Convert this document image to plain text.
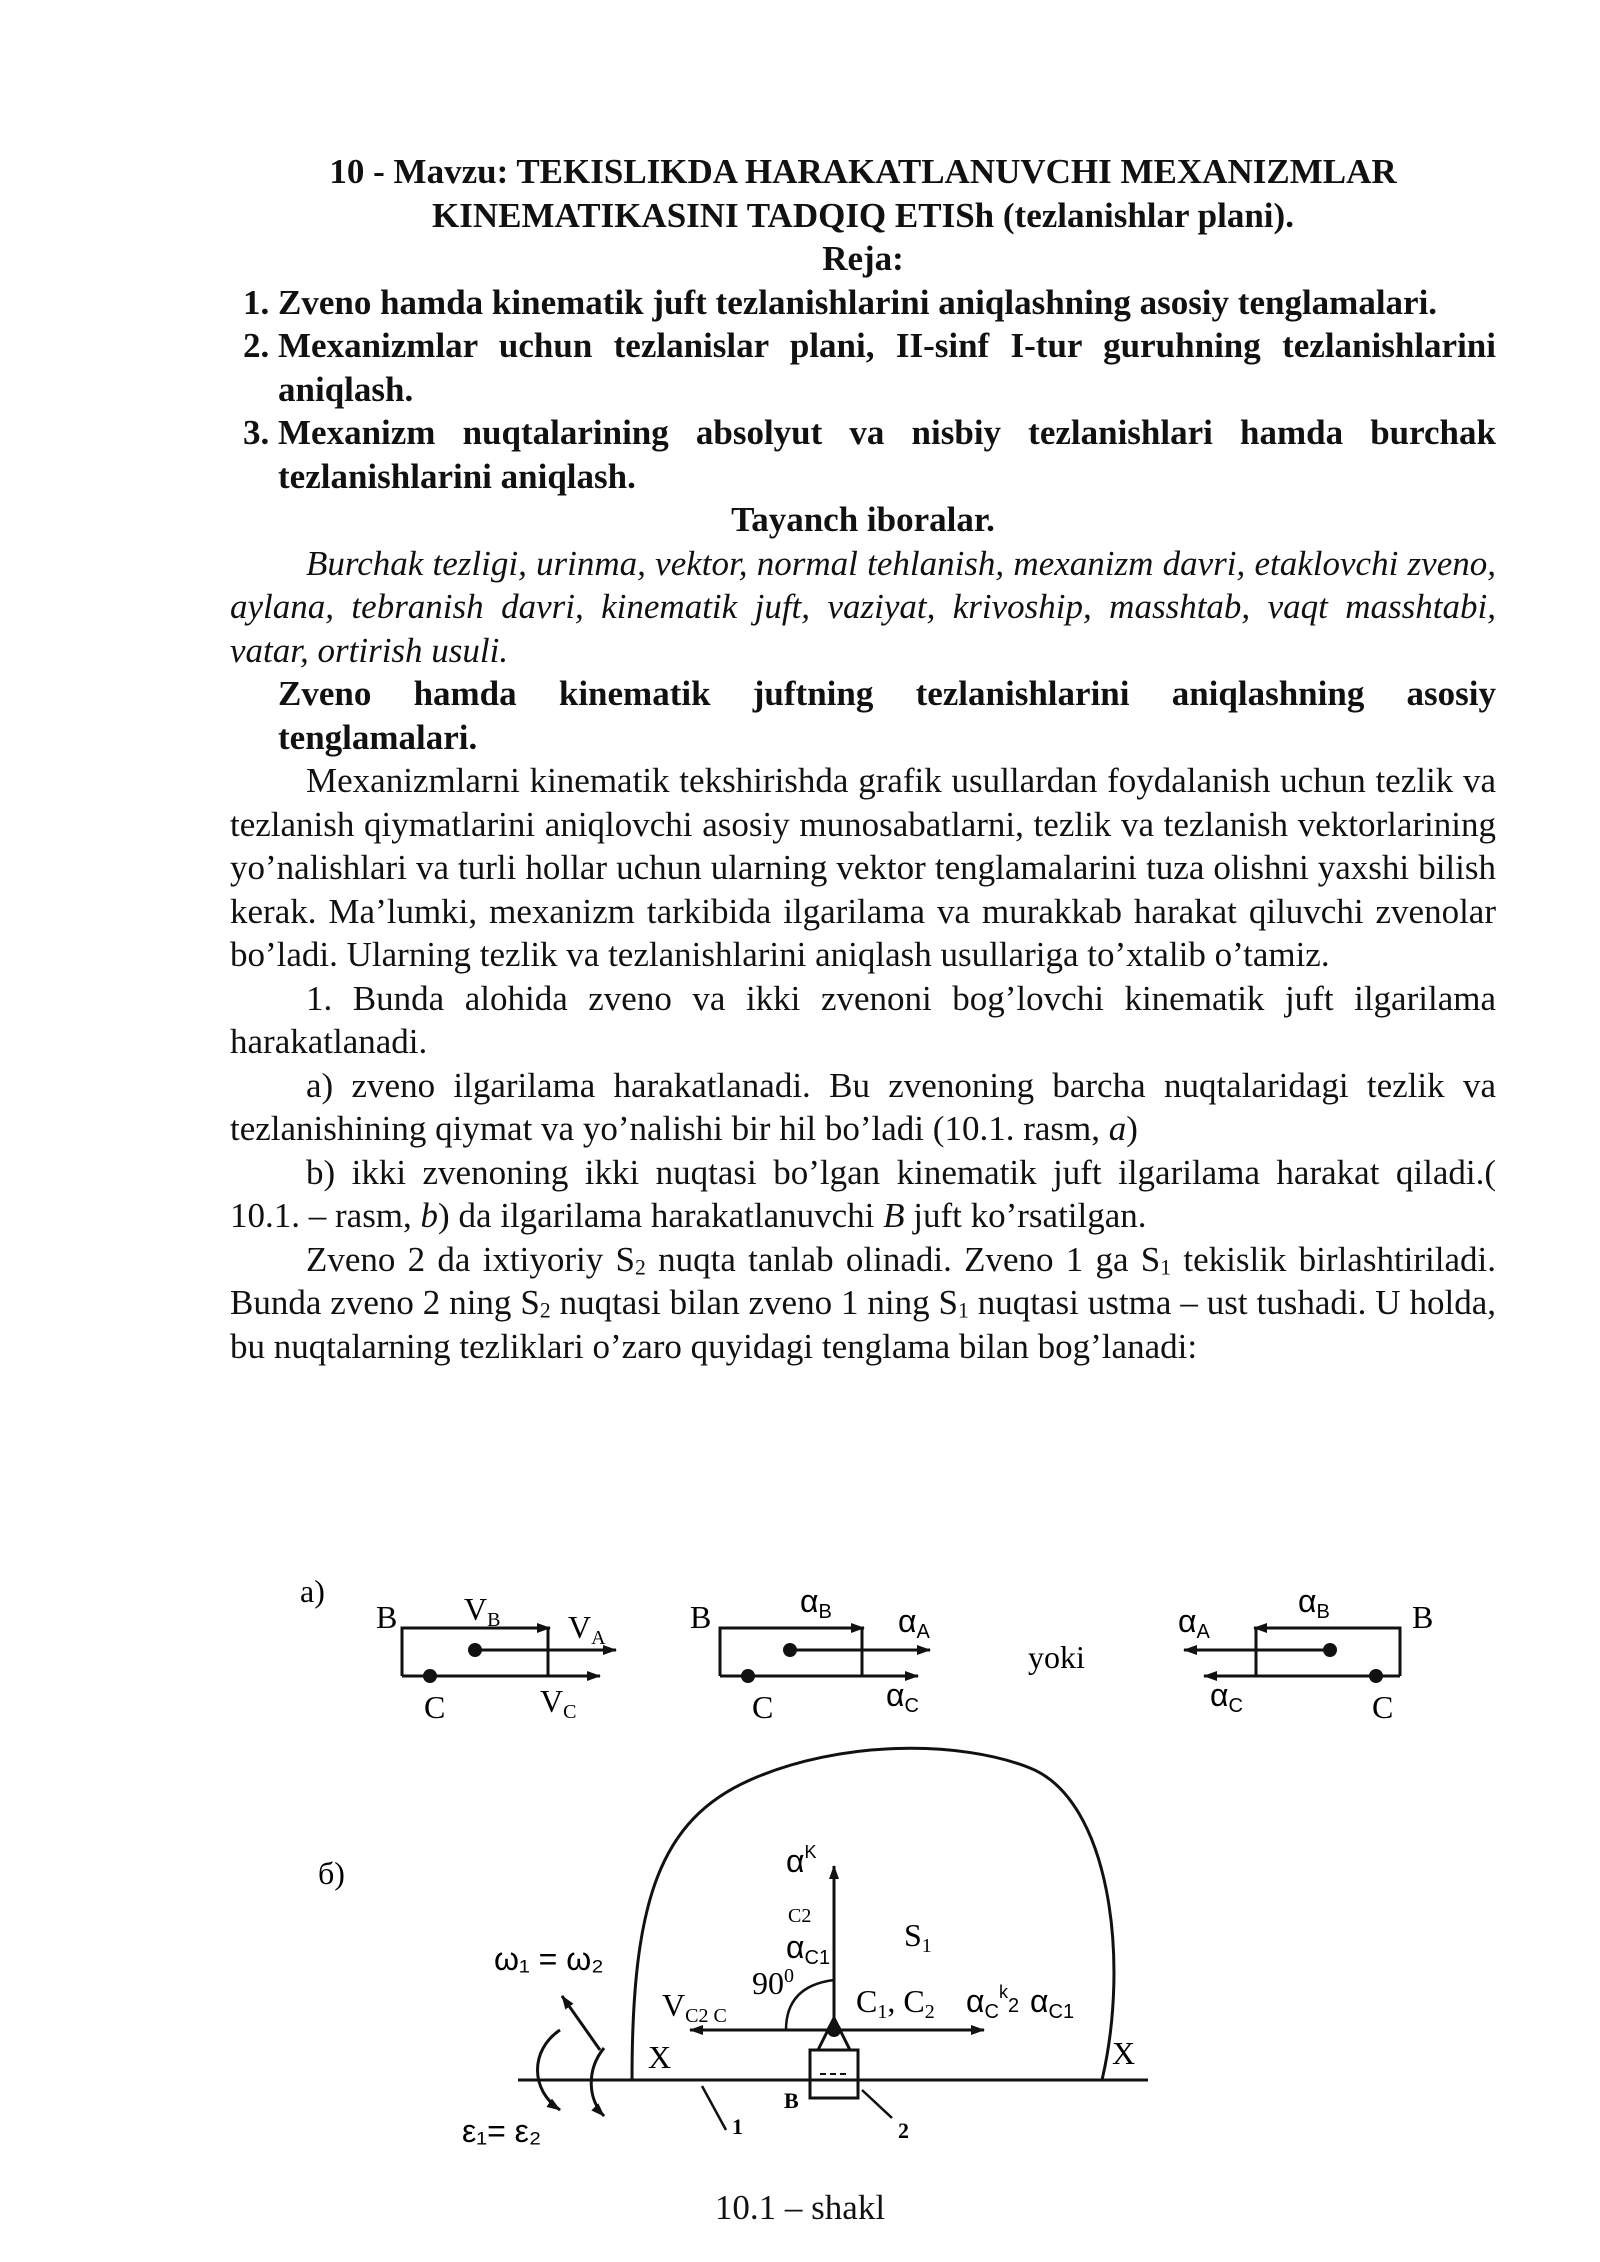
10 - Mavzu: TEKISLIKDA HARAKATLANUVCHI MEXANIZMLAR

KINEMATIKASINI TADQIQ ETISh (tezlanishlar plani).

Reja:

1. Zveno hamda kinematik juft tezlanishlarini aniqlashning asosiy tenglamalari.
2. Mexanizmlar uchun tezlanislar plani, II-sinf I-tur guruhning tezlanishlarini aniqlash.
3. Mexanizm nuqtalarining absolyut va nisbiy tezlanishlari hamda burchak tezlanishlarini aniqlash.

Tayanch iboralar.

Burchak tezligi, urinma, vektor, normal tehlanish, mexanizm davri, etaklovchi zveno, aylana, tebranish davri, kinematik juft, vaziyat, krivoship, masshtab, vaqt masshtabi, vatar, ortirish usuli.

Zveno hamda kinematik juftning tezlanishlarini aniqlashning asosiy tenglamalari.

Mexanizmlarni kinematik tekshirishda grafik usullardan foydalanish uchun tezlik va tezlanish qiymatlarini aniqlovchi asosiy munosabatlarni, tezlik va tezlanish vektorlarining yo’nalishlari va turli hollar uchun ularning vektor tenglamalarini tuza olishni yaxshi bilish kerak. Ma’lumki, mexanizm tarkibida ilgarilama va murakkab harakat qiluvchi zvenolar bo’ladi. Ularning tezlik va tezlanishlarini aniqlash usullariga to’xtalib o’tamiz.

1. Bunda alohida zveno va ikki zvenoni bog’lovchi kinematik juft ilgarilama harakatlanadi.

a) zveno ilgarilama harakatlanadi. Bu zvenoning barcha nuqtalaridagi tezlik va tezlanishining qiymat va yo’nalishi bir hil bo’ladi (10.1. rasm, a)

b) ikki zvenoning ikki nuqtasi bo’lgan kinematik juft ilgarilama harakat qiladi.( 10.1. – rasm, b) da ilgarilama harakatlanuvchi B juft ko’rsatilgan.

Zveno 2 da ixtiyoriy S2 nuqta tanlab olinadi. Zveno 1 ga S1 tekislik birlashtiriladi. Bunda zveno 2 ning S2 nuqtasi bilan zveno 1 ning S1 nuqtasi ustma – ust tushadi. U holda, bu nuqtalarning tezliklari o’zaro quyidagi tenglama bilan bog’lanadi:

a)
B VB VA
C	VC
B	αB αA
C	αC
yoki
αA
αB	B
αC	C
б)
X	X
$\alpha^K$
C2
αC1
S1
$90^0$
VC2 C	C1, C2 $\alpha C^k_2$ αC1
1	2
B
ω₁ = ω₂
ε₁= ε₂
10.1 – shakl
